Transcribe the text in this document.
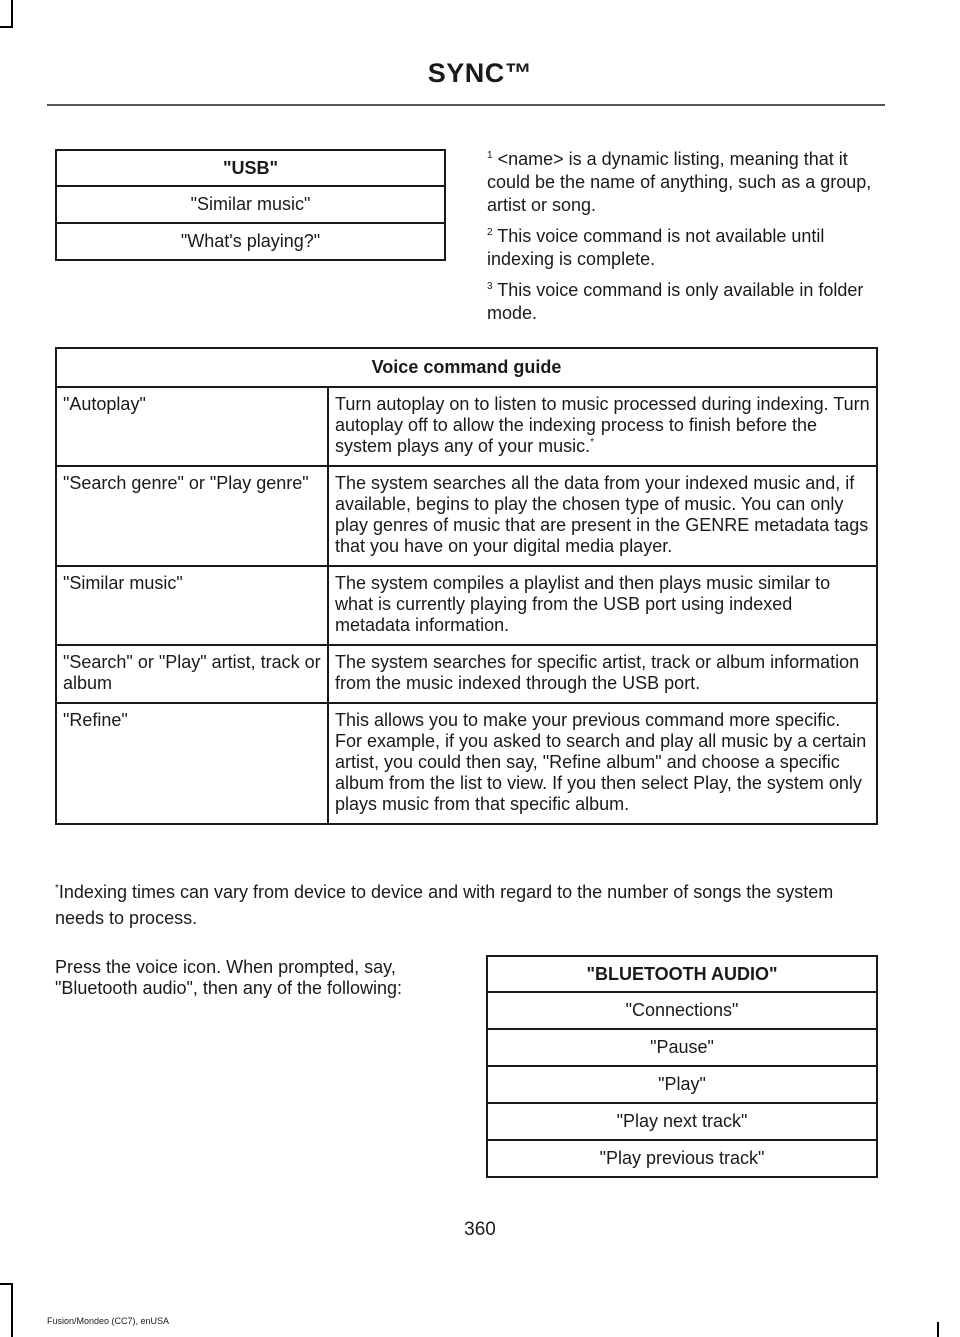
SYNC™
"USB"
"Similar music"
"What's playing?"

$^1$ <name> is a dynamic listing, meaning that it could be the name of anything, such as a group, artist or song.

$^2$ This voice command is not available until indexing is complete.

$^3$ This voice command is only available in folder mode.

Voice command guide	
"Autoplay"	Turn autoplay on to listen to music processed during indexing. Turn autoplay off to allow the indexing process to finish before the system plays any of your music.*
"Search genre" or "Play genre"	The system searches all the data from your indexed music and, if available, begins to play the chosen type of music. You can only play genres of music that are present in the GENRE metadata tags that you have on your digital media player.
"Similar music"	The system compiles a playlist and then plays music similar to what is currently playing from the USB port using indexed metadata information.
"Search" or "Play" artist, track or album	The system searches for specific artist, track or album information from the music indexed through the USB port.
"Refine"	This allows you to make your previous command more specific. For example, if you asked to search and play all music by a certain artist, you could then say, "Refine album" and choose a specific album from the list to view. If you then select Play, the system only plays music from that specific album.

*Indexing times can vary from device to device and with regard to the number of songs the system needs to process.

Press the voice icon. When prompted, say, "Bluetooth audio", then any of the following:

"BLUETOOTH AUDIO"
"Connections"
"Pause"
"Play"
"Play next track"
"Play previous track"
360
Fusion/Mondeo (CC7), enUSA
